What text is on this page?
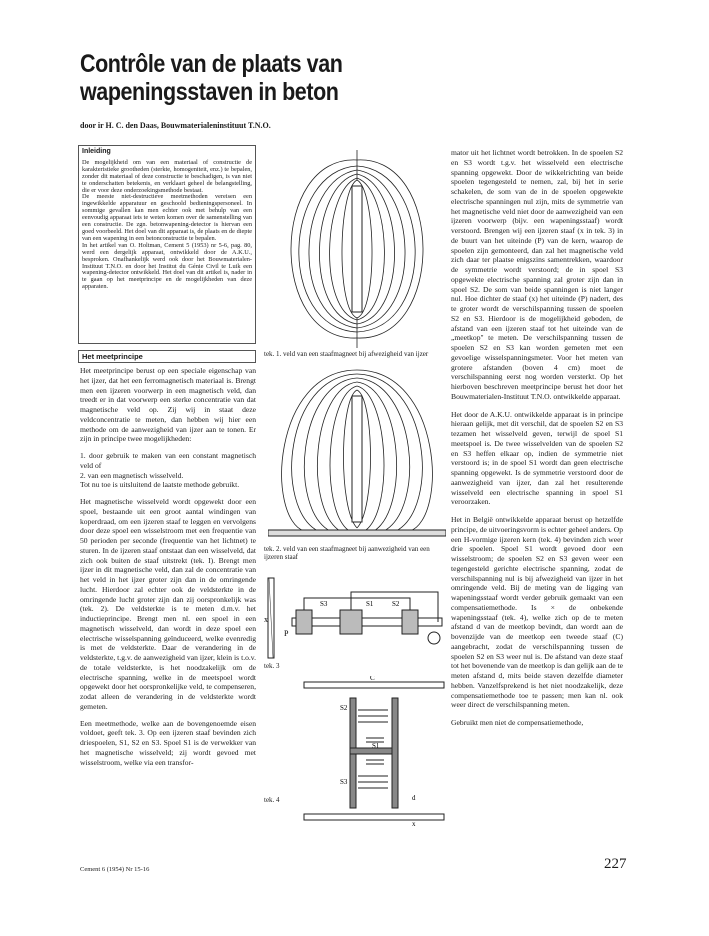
Contrôle van de plaats van wapeningsstaven in beton
door ir H. C. den Daas, Bouwmaterialeninstituut T.N.O.
Inleiding

De mogelijkheid om van een materiaal of constructie de karakteristieke grootheden (sterkte, homogeniteit, enz.) te bepalen, zonder dit materiaal of deze constructie te beschadigen, is van niet te onderschatten betekenis, en verklaart geheel de belangstelling, die er voor deze onderzoekingsmethode bestaat.

De meeste niet-destructieve meetmethoden vereisen een ingewikkelde apparatuur en geschoold bedieningspersoneel. In sommige gevallen kan men echter ook met behulp van een eenvoudig apparaat iets te weten komen over de samenstelling van een constructie. De zgn. betonwapening-detector is hiervan een goed voorbeeld. Het doel van dit apparaat is, de plaats en de diepte van een wapening in een betonconstructie te bepalen.

In het artikel van O. Holtman, Cement 5 (1953) nr 5-6, pag. 80, werd een dergelijk apparaat, ontwikkeld door de A.K.U., besproken. Onafhankelijk werd ook door het Bouwmaterialen-Instituut T.N.O. en door het Institut du Génie Civil te Luik een wapening-detector ontwikkeld. Het doel van dit artikel is, nader in te gaan op het meetprincipe en de mogelijkheden van deze apparaten.

Het meetprincipe

Het meetprincipe berust op een speciale eigenschap van het ijzer, dat het een ferromagnetisch materiaal is. Brengt men een ijzeren voorwerp in een magnetisch veld, dan treedt er in dat voorwerp een sterke concentratie van dat magnetische veld op. Zij wij in staat deze veldconcentratie te meten, dan hebben wij hier een methode om de aanwezigheid van ijzer aan te tonen. Er zijn in principe twee mogelijkheden:

1. door gebruik te maken van een constant magnetisch veld of

2. van een magnetisch wisselveld.

Tot nu toe is uitsluitend de laatste methode gebruikt.

Het magnetische wisselveld wordt opgewekt door een spoel, bestaande uit een groot aantal windingen van koperdraad, om een ijzeren staaf te leggen en vervolgens door deze spoel een wisselstroom met een frequentie van 50 perioden per seconde (frequentie van het lichtnet) te sturen. In de ijzeren staaf ontstaat dan een wisselveld, dat zich ook buiten de staaf uitstrekt (tek. I). Brengt men ijzer in dit magnetische veld, dan zal de concentratie van het veld in het ijzer groter zijn dan in de omringende lucht. Hierdoor zal echter ook de veldsterkte in de omringende lucht groter zijn dan zij oorspronkelijk was (tek. 2). De veldsterkte is te meten d.m.v. het inductieprincipe. Brengt men nl. een spoel in een magnetisch wisselveld, dan wordt in deze spoel een electrische wisselspanning geïnduceerd, welke evenredig is met de veldsterkte. Daar de verandering in de veldsterkte, t.g.v. de aanwezigheid van ijzer, klein is t.o.v. de totale veldsterkte, is het noodzakelijk om de electrische spanning, welke in de meetspoel wordt opgewekt door het oorspronkelijke veld, te compenseren, zodat alleen de verandering in de veldsterkte wordt gemeten.

Een meetmethode, welke aan de bovengenoemde eisen voldoet, geeft tek. 3. Op een ijzeren staaf bevinden zich driespoelen, S1, S2 en S3. Spoel S1 is de verwekker van het magnetische wisselveld; zij wordt gevoed met wisselstroom, welke via een transfor-

tek. 1. veld van een staafmagneet bij afwezigheid van ijzer
tek. 2. veld van een staafmagneet bij aanwezigheid van een ijzeren staaf
P
x
S3	S1	S2
tek. 3
C
S2
S1
S3
d
x
tek. 4

mator uit het lichtnet wordt betrokken. In de spoelen S2 en S3 wordt t.g.v. het wisselveld een electrische spanning opgewekt. Door de wikkelrichting van beide spoelen tegengesteld te nemen, zal, bij het in serie schakelen, de som van de in de spoelen opgewekte electrische spanningen nul zijn, mits de symmetrie van het magnetische veld niet door de aanwezigheid van een ijzeren voorwerp (bijv. een wapeningsstaaf) wordt verstoord. Brengen wij een ijzeren staaf (x in tek. 3) in de buurt van het uiteinde (P) van de kern, waarop de spoelen zijn gemonteerd, dan zal het magnetische veld zich daar ter plaatse enigszins samentrekken, waardoor de symmetrie wordt verstoord; de in spoel S3 opgewekte electrische spanning zal groter zijn dan in spoel S2. De som van beide spanningen is niet langer nul. Hoe dichter de staaf (x) het uiteinde (P) nadert, des te groter wordt de verschilspanning tussen de spoelen S2 en S3. Hierdoor is de mogelijkheid geboden, de afstand van een ijzeren staaf tot het uiteinde van de „meetkop" te meten. De verschilspanning tussen de spoelen S2 en S3 kan worden gemeten met een gevoelige wisselspanningsmeter. Voor het meten van grotere afstanden (boven 4 cm) moet de verschilspanning eerst nog worden versterkt. Op het hierboven beschreven meetprincipe berust het door het Bouwmaterialen-Instituut T.N.O. ontwikkelde apparaat.

Het door de A.K.U. ontwikkelde apparaat is in principe hieraan gelijk, met dit verschil, dat de spoelen S2 en S3 tezamen het wisselveld geven, terwijl de spoel S1 meetspoel is. De twee wisselvelden van de spoelen S2 en S3 heffen elkaar op, indien de symmetrie niet verstoord is; in de spoel S1 wordt dan geen electrische spanning opgewekt. Is de symmetrie verstoord door de aanwezigheid van ijzer, dan zal het resulterende wisselveld een electrische spanning in spoel S1 veroorzaken.

Het in België ontwikkelde apparaat berust op hetzelfde principe, de uitvoeringsvorm is echter geheel anders. Op een H-vormige ijzeren kern (tek. 4) bevinden zich weer drie spoelen. Spoel S1 wordt gevoed door een wisselstroom; de spoelen S2 en S3 geven weer een tegengesteld gerichte electrische spanning, zodat de verschilspanning nul is bij afwezigheid van ijzer in het omringende veld. Bij de meting van de ligging van wapeningsstaaf wordt verder gebruik gemaakt van een compensatiemethode. Is × de onbekende wapeningsstaaf (tek. 4), welke zich op de te meten afstand d van de meetkop bevindt, dan wordt aan de bovenzijde van de meetkop een tweede staaf (C) aangebracht, zodat de verschilspanning tussen de spoelen S2 en S3 weer nul is. De afstand van deze staaf tot het bovenende van de meetkop is dan gelijk aan de te meten afstand d, mits beide staven dezelfde diameter hebben. Vanzelfsprekend is het niet noodzakelijk, deze compensatiemethode toe te passen; men kan nl. ook weer direct de verschilspanning meten.

Gebruikt men niet de compensatiemethode,

Cement 6 (1954) Nr 15-16	227
